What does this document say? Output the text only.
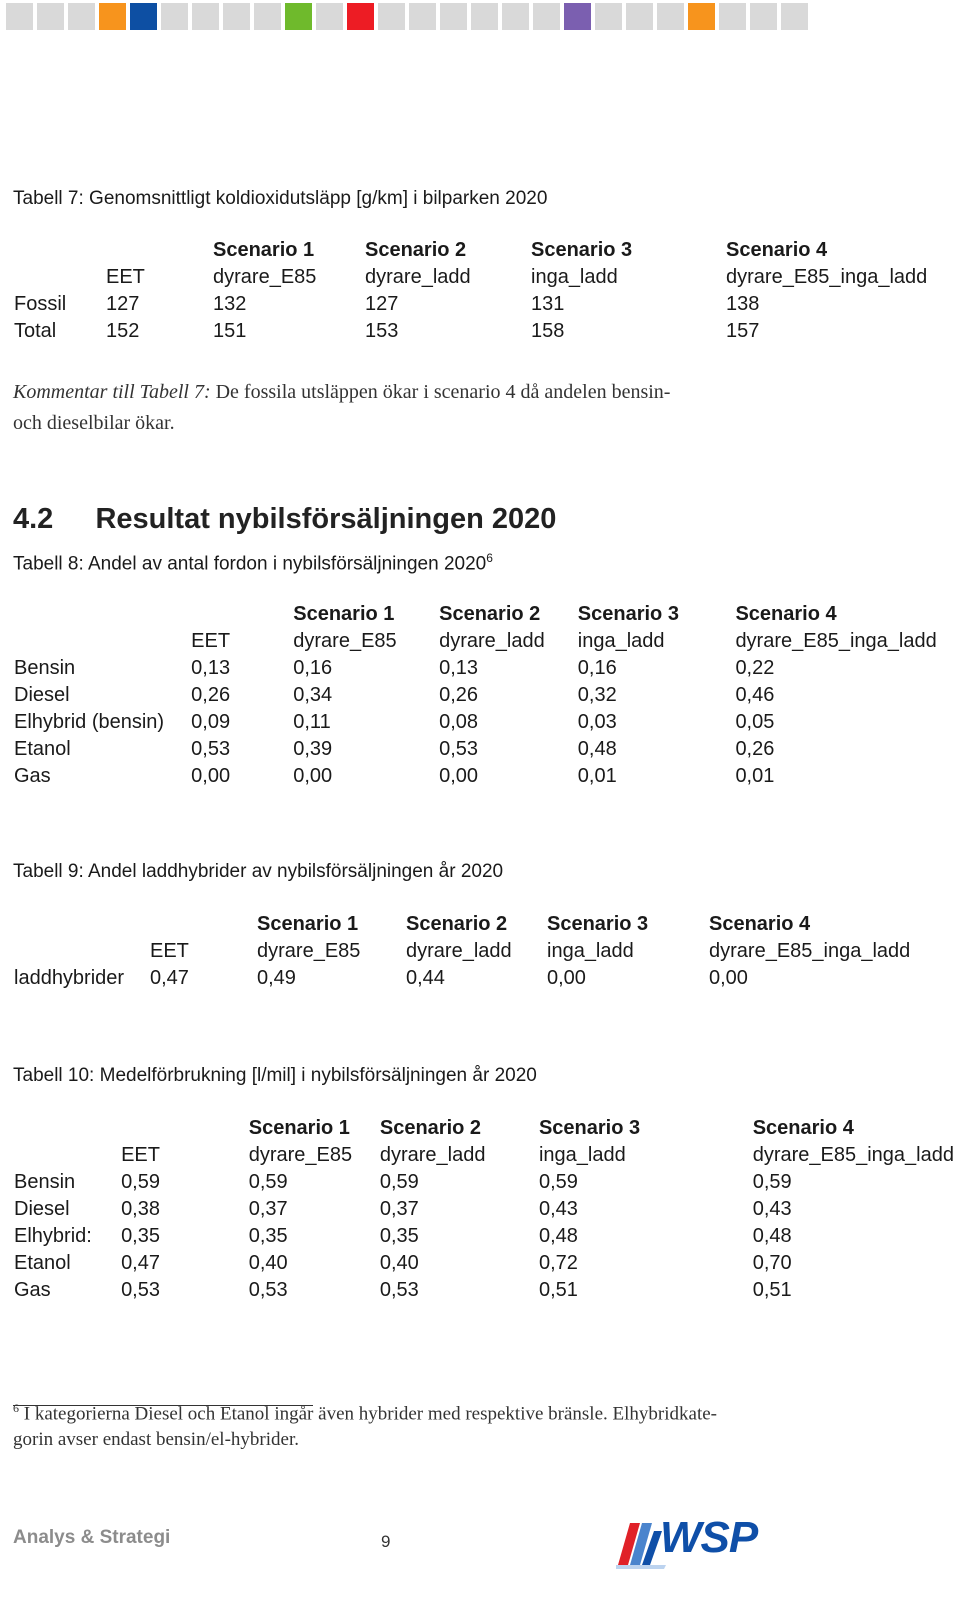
Tabell 7: Genomsnittligt koldioxidutsläpp [g/km] i bilparken 2020
		Scenario 1	Scenario 2	Scenario 3	Scenario 4
	EET	dyrare_E85	dyrare_ladd	inga_ladd	dyrare_E85_inga_ladd
Fossil	127	132	127	131	138
Total	152	151	153	158	157
Kommentar till Tabell 7: De fossila utsläppen ökar i scenario 4 då andelen bensin-
och dieselbilar ökar.
4.2 Resultat nybilsförsäljningen 2020
Tabell 8: Andel av antal fordon i nybilsförsäljningen 2020$^6$
		Scenario 1	Scenario 2	Scenario 3	Scenario 4
	EET	dyrare_E85	dyrare_ladd	inga_ladd	dyrare_E85_inga_ladd
Bensin	0,13	0,16	0,13	0,16	0,22
Diesel	0,26	0,34	0,26	0,32	0,46
Elhybrid (bensin)	0,09	0,11	0,08	0,03	0,05
Etanol	0,53	0,39	0,53	0,48	0,26
Gas	0,00	0,00	0,00	0,01	0,01
Tabell 9: Andel laddhybrider av nybilsförsäljningen år 2020
		Scenario 1	Scenario 2	Scenario 3	Scenario 4
	EET	dyrare_E85	dyrare_ladd	inga_ladd	dyrare_E85_inga_ladd
laddhybrider	0,47	0,49	0,44	0,00	0,00
Tabell 10: Medelförbrukning [l/mil] i nybilsförsäljningen år 2020
		Scenario 1	Scenario 2	Scenario 3	Scenario 4
	EET	dyrare_E85	dyrare_ladd	inga_ladd	dyrare_E85_inga_ladd
Bensin	0,59	0,59	0,59	0,59	0,59
Diesel	0,38	0,37	0,37	0,43	0,43
Elhybrid:	0,35	0,35	0,35	0,48	0,48
Etanol	0,47	0,40	0,40	0,72	0,70
Gas	0,53	0,53	0,53	0,51	0,51
$^6$ I kategorierna Diesel och Etanol ingår även hybrider med respektive bränsle. Elhybridkate-
gorin avser endast bensin/el-hybrider.
Analys & Strategi	9	WSP
